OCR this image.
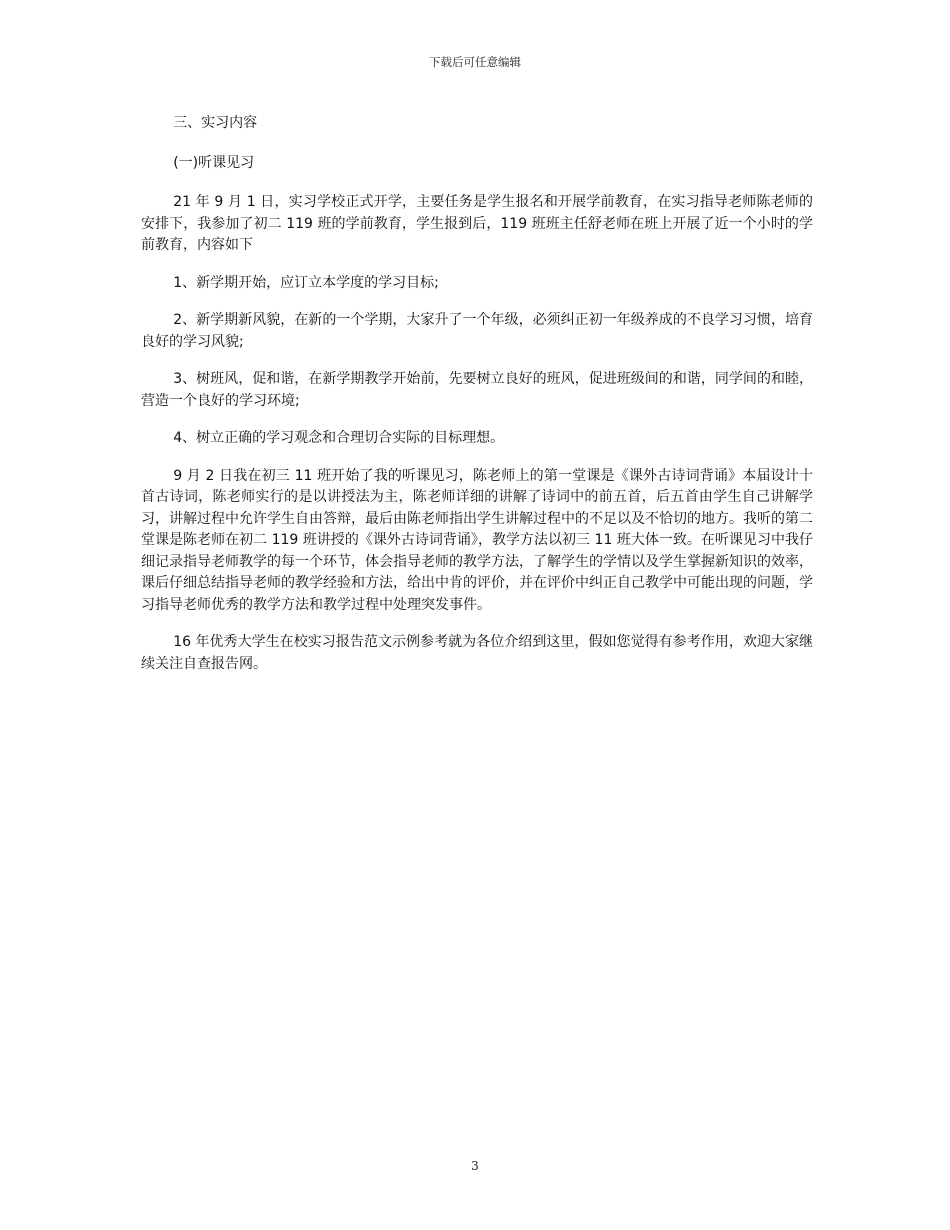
下载后可任意编辑

三、实习内容

(一)听课见习

21 年 9 月 1 日，实习学校正式开学，主要任务是学生报名和开展学前教育，在实习指导老师陈老师的安排下，我参加了初二 119 班的学前教育，学生报到后，119 班班主任舒老师在班上开展了近一个小时的学前教育，内容如下

1、新学期开始，应订立本学度的学习目标;

2、新学期新风貌，在新的一个学期，大家升了一个年级，必须纠正初一年级养成的不良学习习惯，培育良好的学习风貌;

3、树班风，促和谐，在新学期教学开始前，先要树立良好的班风，促进班级间的和谐，同学间的和睦，营造一个良好的学习环境;

4、树立正确的学习观念和合理切合实际的目标理想。

9 月 2 日我在初三 11 班开始了我的听课见习，陈老师上的第一堂课是《课外古诗词背诵》本届设计十首古诗词，陈老师实行的是以讲授法为主，陈老师详细的讲解了诗词中的前五首，后五首由学生自己讲解学习，讲解过程中允许学生自由答辩，最后由陈老师指出学生讲解过程中的不足以及不恰切的地方。我听的第二堂课是陈老师在初二 119 班讲授的《课外古诗词背诵》，教学方法以初三 11 班大体一致。在听课见习中我仔细记录指导老师教学的每一个环节，体会指导老师的教学方法，了解学生的学情以及学生掌握新知识的效率，课后仔细总结指导老师的教学经验和方法，给出中肯的评价，并在评价中纠正自己教学中可能出现的问题，学习指导老师优秀的教学方法和教学过程中处理突发事件。

16 年优秀大学生在校实习报告范文示例参考就为各位介绍到这里，假如您觉得有参考作用，欢迎大家继续关注自查报告网。

3
